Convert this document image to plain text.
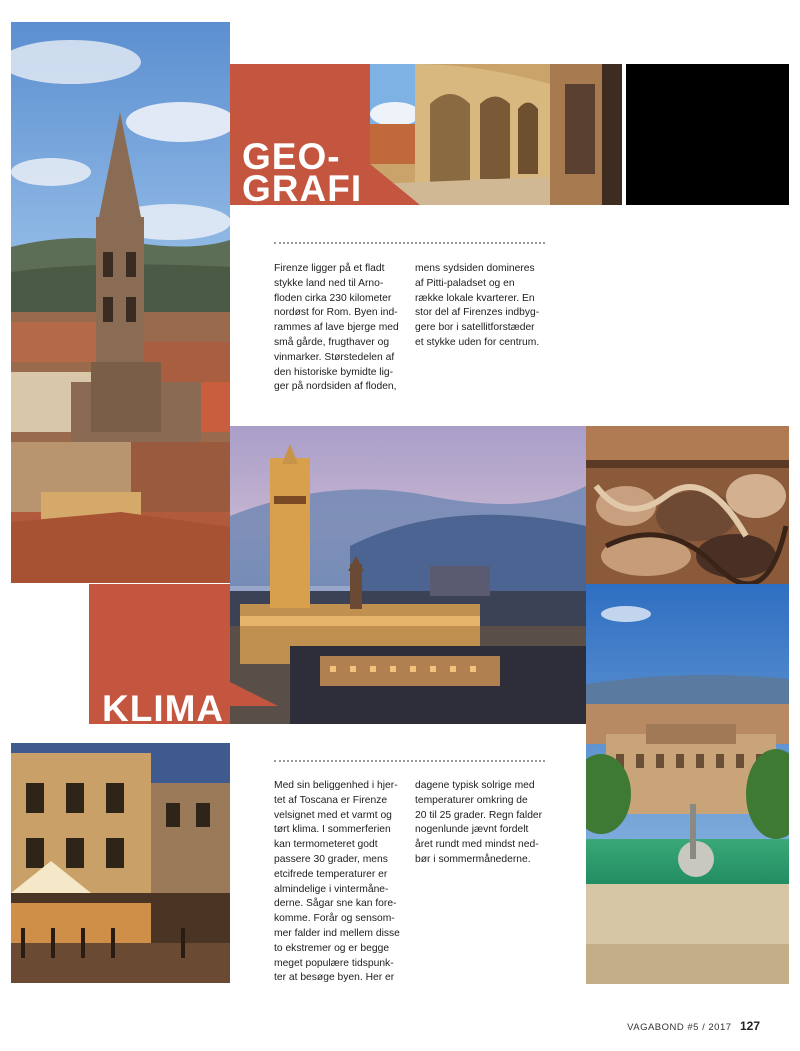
GEO-
GRAFI

Firenze ligger på et fladt

stykke land ned til Arno-

floden cirka 230 kilometer

nordøst for Rom. Byen ind-

rammes af lave bjerge med

små gårde, frugthaver og

vinmarker. Størstedelen af

den historiske bymidte lig-

ger på nordsiden af floden,

mens sydsiden domineres

af Pitti-paladset og en

række lokale kvarterer. En

stor del af Firenzes indbyg-

gere bor i satellitforstæder

et stykke uden for centrum.

KLIMA

Med sin beliggenhed i hjer-

tet af Toscana er Firenze

velsignet med et varmt og

tørt klima. I sommerferien

kan termometeret godt

passere 30 grader, mens

etcifrede temperaturer er

almindelige i vintermåne-

derne. Sågar sne kan fore-

komme. Forår og sensom-

mer falder ind mellem disse

to ekstremer og er begge

meget populære tidspunk-

ter at besøge byen. Her er

dagene typisk solrige med

temperaturer omkring de

20 til 25 grader. Regn falder

nogenlunde jævnt fordelt

året rundt med mindst ned-

bør i sommermånederne.

VAGABOND #5 / 2017 127
